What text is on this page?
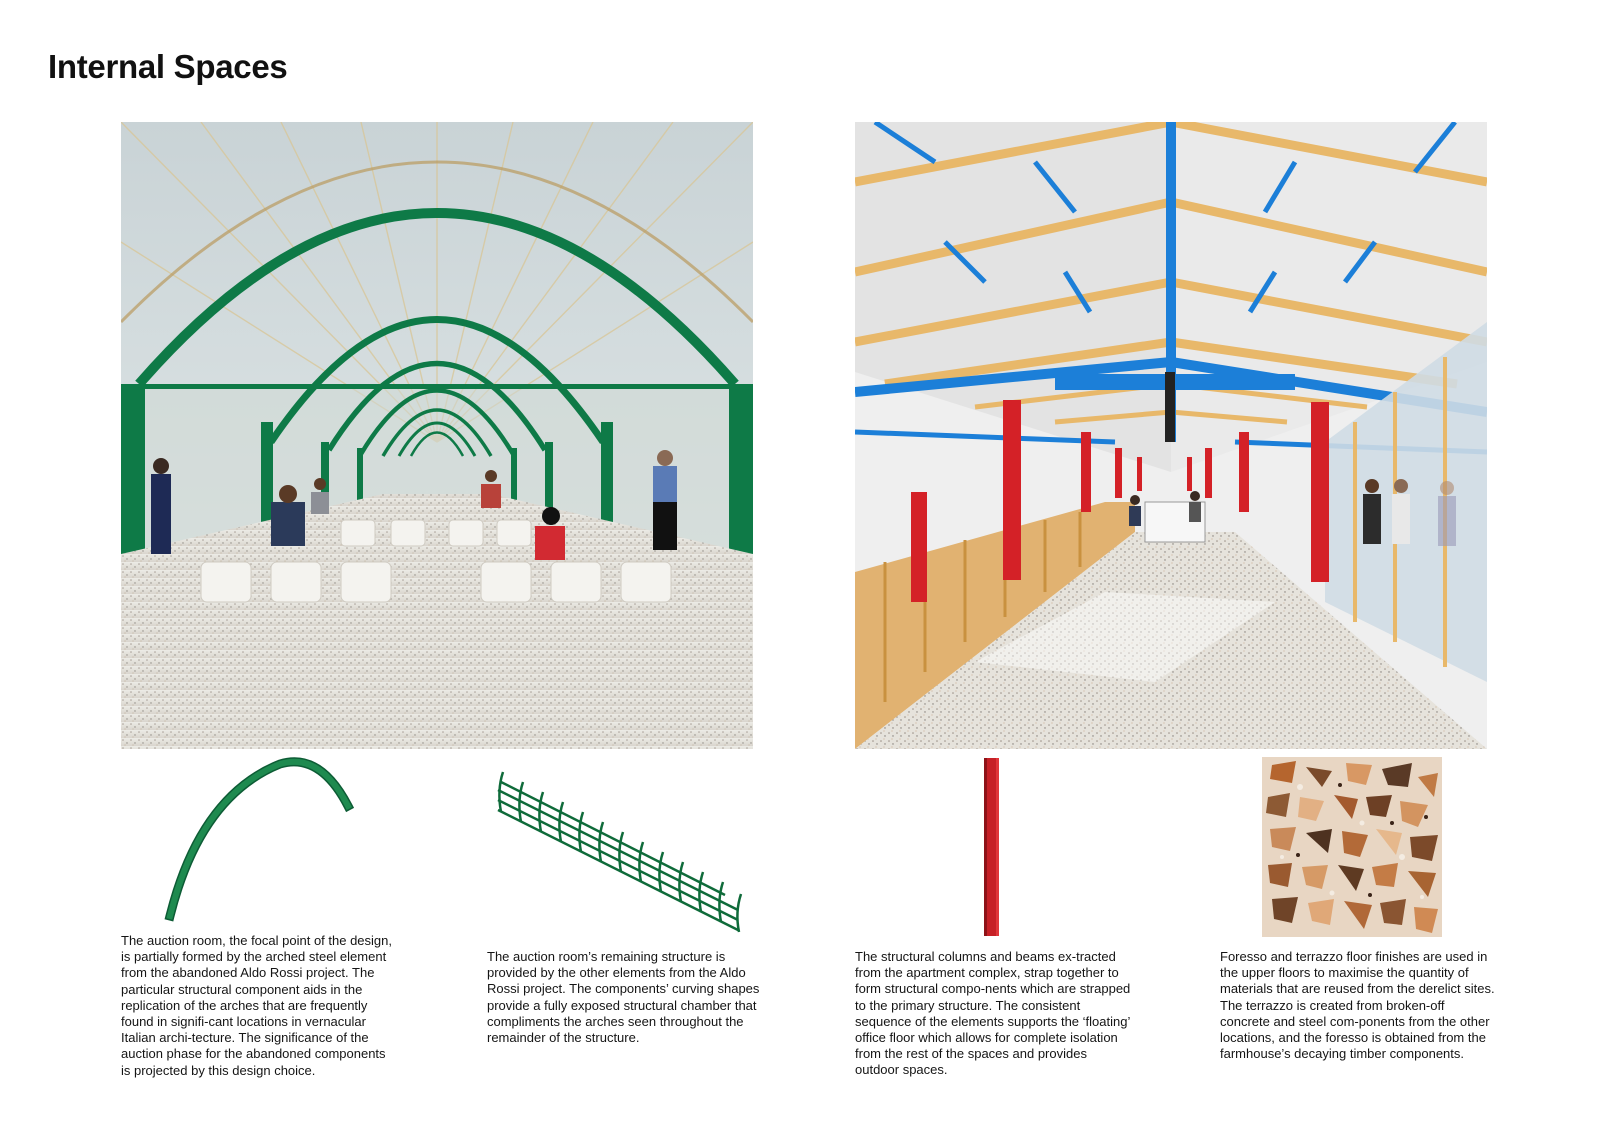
Internal Spaces

The auction room, the focal point of the design, is partially formed by the arched steel element from the abandoned Aldo Rossi project. The particular structural component aids in the replication of the arches that are frequently found in signifi-cant locations in vernacular Italian archi-tecture. The significance of the auction phase for the abandoned components is projected by this design choice.

The auction room’s remaining structure is provided by the other elements from the Aldo Rossi project. The components’ curving shapes provide a fully exposed structural chamber that compliments the arches seen throughout the remainder of the structure.

The structural columns and beams ex-tracted from the apartment complex, strap together to form structural compo-nents which are strapped to the primary structure. The consistent sequence of the elements supports the ‘floating’ office floor which allows for complete isolation from the rest of the spaces and provides outdoor spaces.

Foresso and terrazzo floor finishes are used in the upper floors to maximise the quantity of materials that are reused from the derelict sites. The terrazzo is created from broken-off concrete and steel com-ponents from the other locations, and the foresso is obtained from the farmhouse’s decaying timber components.
